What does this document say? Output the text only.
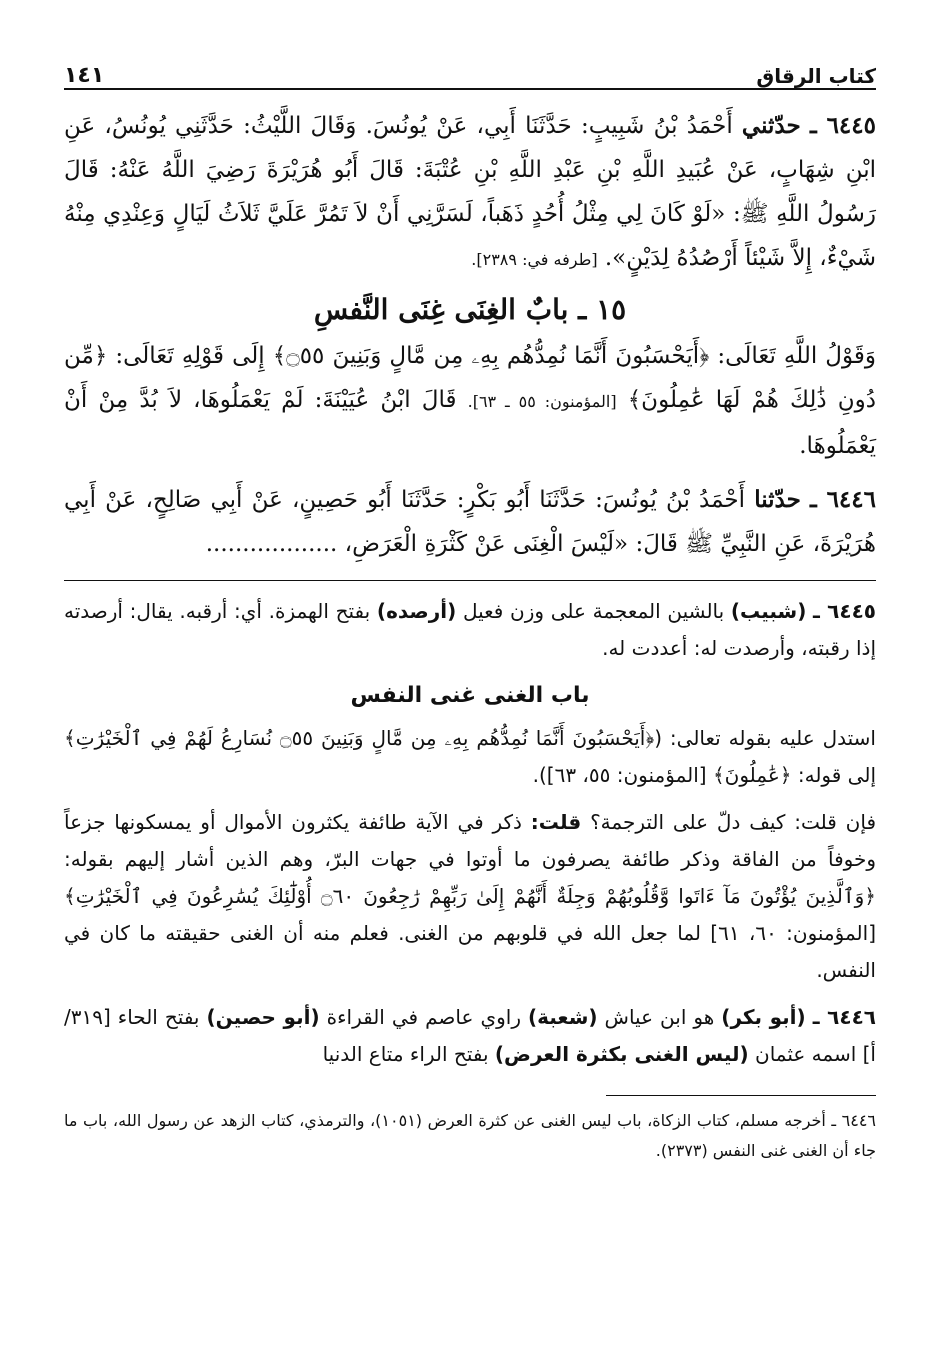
كتاب الرقاق
١٤١

٦٤٤٥ ـ حدّثني أَحْمَدُ بْنُ شَبِيبٍ: حَدَّثَنَا أَبِي، عَنْ يُونُسَ. وَقَالَ اللَّيْثُ: حَدَّثَنِي يُونُسُ، عَنِ ابْنِ شِهَابٍ، عَنْ عُبَيدِ اللَّهِ بْنِ عَبْدِ اللَّهِ بْنِ عُتْبَةَ: قَالَ أَبُو هُرَيْرَةَ رَضِيَ اللَّهُ عَنْهُ: قَالَ رَسُولُ اللَّهِ ﷺ: «لَوْ كَانَ لِي مِثْلُ أُحُدٍ ذَهَباً، لَسَرَّنِي أَنْ لاَ تَمُرَّ عَلَيَّ ثَلاَثُ لَيَالٍ وَعِنْدِي مِنْهُ شَيْءٌ، إِلاَّ شَيْئاً أَرْصُدُهُ لِدَيْنٍ». [طرفه في: ٢٣٨٩].

١٥ ـ بابٌ الغِنَى غِنَى النَّفسِ

وَقَوْلُ اللَّهِ تَعَالَى: ﴿أَيَحْسَبُونَ أَنَّمَا نُمِدُّهُم بِهِۦ مِن مَّالٍ وَبَنِينَ ۝٥٥﴾ إِلَى قَوْلِهِ تَعَالَى: ﴿مِّن دُونِ ذَٰلِكَ هُمْ لَهَا عَٰمِلُونَ﴾ [المؤمنون: ٥٥ ـ ٦٣]. قَالَ ابْنُ عُيَيْنَةَ: لَمْ يَعْمَلُوهَا، لاَ بُدَّ مِنْ أَنْ يَعْمَلُوهَا.

٦٤٤٦ ـ حدّثنا أَحْمَدُ بْنُ يُونُسَ: حَدَّثَنَا أَبُو بَكْرٍ: حَدَّثَنَا أَبُو حَصِينٍ، عَنْ أَبِي صَالِحٍ، عَنْ أَبِي هُرَيْرَةَ، عَنِ النَّبِيِّ ﷺ قَالَ: «لَيْسَ الْغِنَى عَنْ كَثْرَةِ الْعَرَضِ، ..................

٦٤٤٥ ـ (شبيب) بالشين المعجمة على وزن فعيل (أرصده) بفتح الهمزة. أي: أرقبه. يقال: أرصدته إذا رقبته، وأرصدت له: أعددت له.

باب الغنى غنى النفس

استدل عليه بقوله تعالى: (﴿أَيَحْسَبُونَ أَنَّمَا نُمِدُّهُم بِهِۦ مِن مَّالٍ وَبَنِينَ ۝٥٥ نُسَارِعُ لَهُمْ فِي ٱلْخَيْرَٰتِ﴾ إلى قوله: ﴿عَٰمِلُونَ﴾ [المؤمنون: ٥٥، ٦٣]).

فإن قلت: كيف دلّ على الترجمة؟ قلت: ذكر في الآية طائفة يكثرون الأموال أو يمسكونها جزعاً وخوفاً من الفاقة وذكر طائفة يصرفون ما أوتوا في جهات البرّ، وهم الذين أشار إليهم بقوله: ﴿وَٱلَّذِينَ يُؤْتُونَ مَآ ءَاتَوا وَّقُلُوبُهُمْ وَجِلَةٌ أَنَّهُمْ إِلَىٰ رَبِّهِمْ رَٰجِعُونَ ۝٦٠ أُوْلَٰٓئِكَ يُسَٰرِعُونَ فِي ٱلْخَيْرَٰتِ﴾ [المؤمنون: ٦٠، ٦١] لما جعل الله في قلوبهم من الغنى. فعلم منه أن الغنى حقيقته ما كان في النفس.

٦٤٤٦ ـ (أبو بكر) هو ابن عياش (شعبة) راوي عاصم في القراءة (أبو حصين) بفتح الحاء [٣١٩/أ] اسمه عثمان (ليس الغنى بكثرة العرض) بفتح الراء متاع الدنيا

٦٤٤٦ ـ أخرجه مسلم، كتاب الزكاة، باب ليس الغنى عن كثرة العرض (١٠٥١)، والترمذي، كتاب الزهد عن رسول الله، باب ما جاء أن الغنى غنى النفس (٢٣٧٣).
